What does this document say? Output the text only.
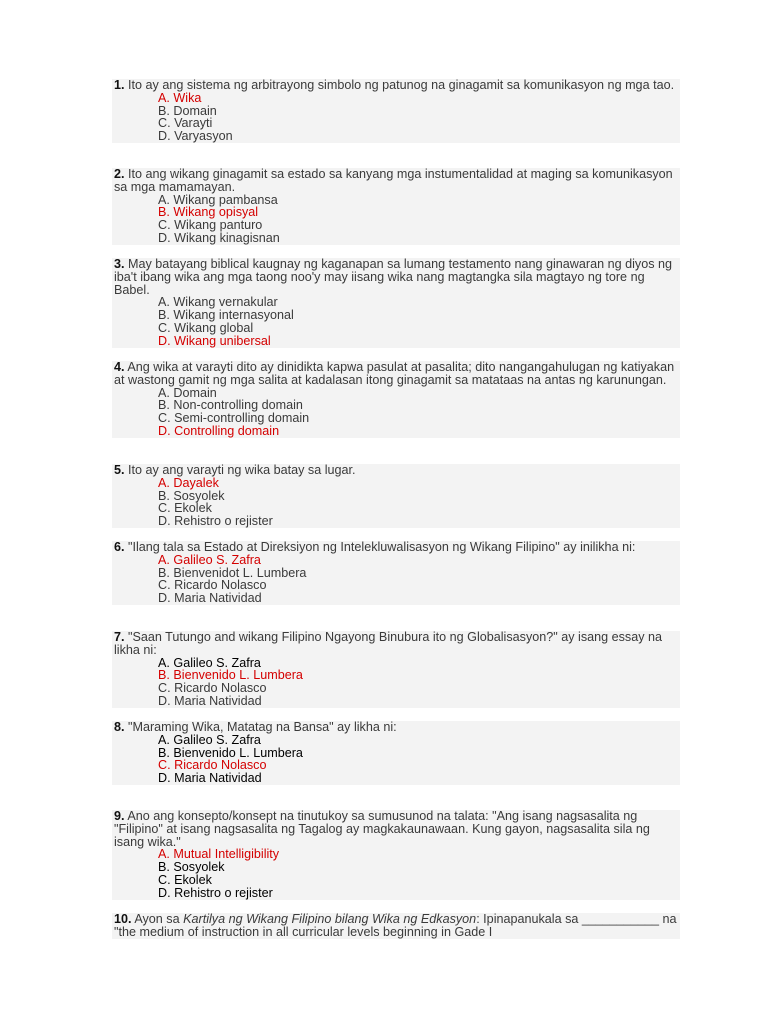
1. Ito ay ang sistema ng arbitrayong simbolo ng patunog na ginagamit sa komunikasyon ng mga tao.
A. Wika
B. Domain
C. Varayti
D. Varyasyon
2. Ito ang wikang ginagamit sa estado sa kanyang mga instumentalidad at maging sa komunikasyon sa mga mamamayan.
A. Wikang pambansa
B. Wikang opisyal
C. Wikang panturo
D. Wikang kinagisnan
3. May batayang biblical kaugnay ng kaganapan sa lumang testamento nang ginawaran ng diyos ng iba't ibang wika ang mga taong noo'y may iisang wika nang magtangka sila magtayo ng tore ng Babel.
A. Wikang vernakular
B. Wikang internasyonal
C. Wikang global
D. Wikang unibersal
4. Ang wika at varayti dito ay dinidikta kapwa pasulat at pasalita; dito nangangahulugan ng katiyakan at wastong gamit ng mga salita at kadalasan itong ginagamit sa matataas na antas ng karunungan.
A. Domain
B. Non-controlling domain
C. Semi-controlling domain
D. Controlling domain
5. Ito ay ang varayti ng wika batay sa lugar.
A. Dayalek
B. Sosyolek
C. Ekolek
D. Rehistro o rejister
6. "Ilang tala sa Estado at Direksiyon ng Intelekluwalisasyon ng Wikang Filipino" ay inilikha ni:
A. Galileo S. Zafra
B. Bienvenidot L. Lumbera
C. Ricardo Nolasco
D. Maria Natividad
7. "Saan Tutungo and wikang Filipino Ngayong Binubura ito ng Globalisasyon?" ay isang essay na likha ni:
A. Galileo S. Zafra
B. Bienvenido L. Lumbera
C. Ricardo Nolasco
D. Maria Natividad
8. "Maraming Wika, Matatag na Bansa" ay likha ni:
A. Galileo S. Zafra
B. Bienvenido L. Lumbera
C. Ricardo Nolasco
D. Maria Natividad
9. Ano ang konsepto/konsept na tinutukoy sa sumusunod na talata: "Ang isang nagsasalita ng "Filipino" at isang nagsasalita ng Tagalog ay magkakaunawaan. Kung gayon, nagsasalita sila ng isang wika."
A. Mutual Intelligibility
B. Sosyolek
C. Ekolek
D. Rehistro o rejister
10. Ayon sa Kartilya ng Wikang Filipino bilang Wika ng Edkasyon: Ipinapanukala sa ___________ na "the medium of instruction in all curricular levels beginning in Gade I
